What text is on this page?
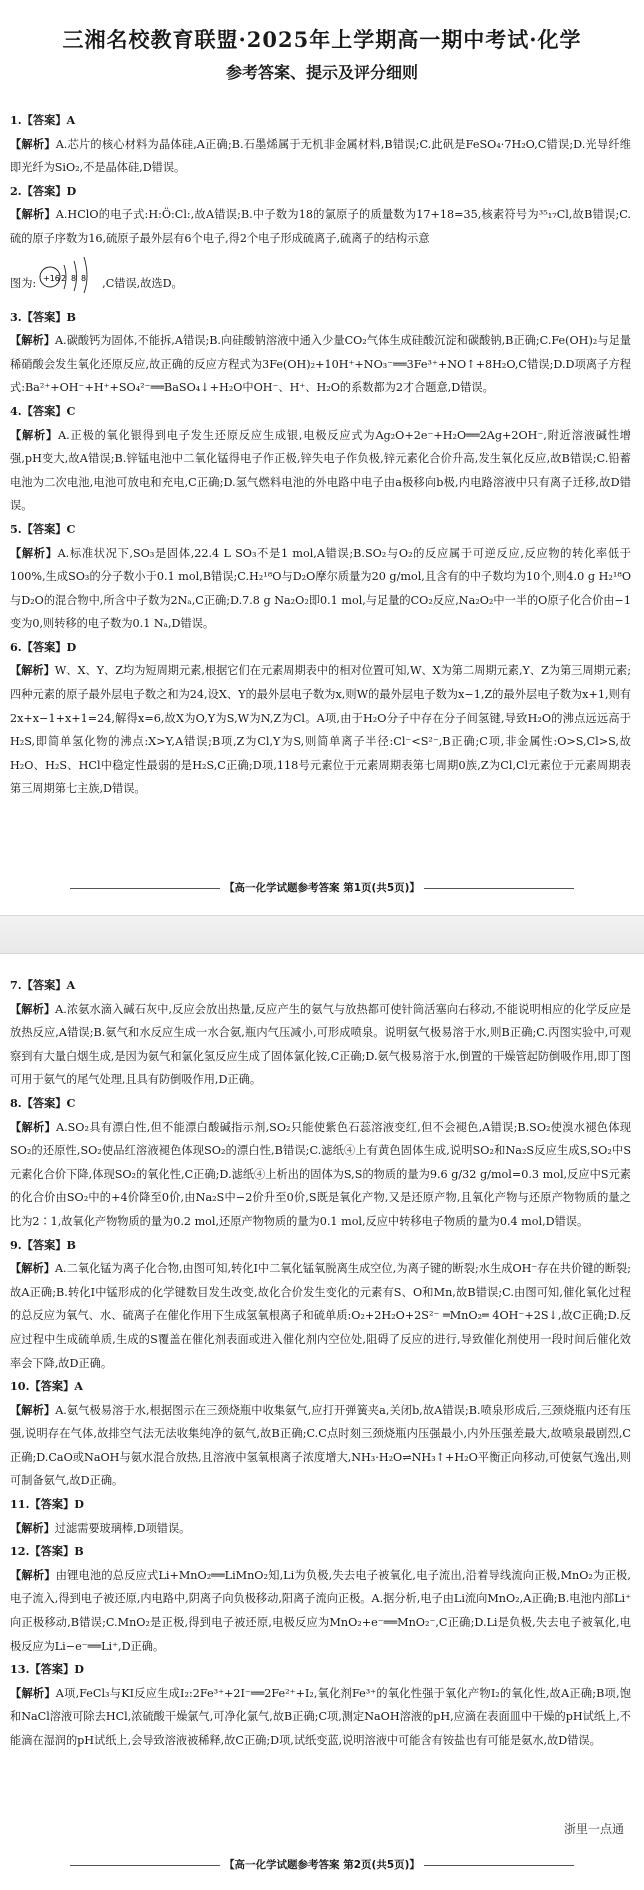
三湘名校教育联盟·2025年上学期高一期中考试·化学
参考答案、提示及评分细则
1.【答案】A
【解析】A.芯片的核心材料为晶体硅,A正确;B.石墨烯属于无机非金属材料,B错误;C.此矾是FeSO₄·7H₂O,C错误;D.光导纤维即光纤为SiO₂,不是晶体硅,D错误。
2.【答案】D
【解析】A.HClO的电子式:H:Ö:Cl:,故A错误;B.中子数为18的氯原子的质量数为17+18=35,核素符号为³⁵₁₇Cl,故B错误;C.硫的原子序数为16,硫原子最外层有6个电子,得2个电子形成硫离子,硫离子的结构示意
图为: +16 2 8 8 ,C错误,故选D。
3.【答案】B
【解析】A.碳酸钙为固体,不能拆,A错误;B.向硅酸钠溶液中通入少量CO₂气体生成硅酸沉淀和碳酸钠,B正确;C.Fe(OH)₂与足量稀硝酸会发生氧化还原反应,故正确的反应方程式为3Fe(OH)₂+10H⁺+NO₃⁻══3Fe³⁺+NO↑+8H₂O,C错误;D.D项离子方程式:Ba²⁺+OH⁻+H⁺+SO₄²⁻══BaSO₄↓+H₂O中OH⁻、H⁺、H₂O的系数都为2才合题意,D错误。
4.【答案】C
【解析】A.正极的氧化银得到电子发生还原反应生成银,电极反应式为Ag₂O+2e⁻+H₂O══2Ag+2OH⁻,附近溶液碱性增强,pH变大,故A错误;B.锌锰电池中二氧化锰得电子作正极,锌失电子作负极,锌元素化合价升高,发生氧化反应,故B错误;C.铅蓄电池为二次电池,电池可放电和充电,C正确;D.氢气燃料电池的外电路中电子由a极移向b极,内电路溶液中只有离子迁移,故D错误。
5.【答案】C
【解析】A.标准状况下,SO₃是固体,22.4 L SO₃不是1 mol,A错误;B.SO₂与O₂的反应属于可逆反应,反应物的转化率低于100%,生成SO₃的分子数小于0.1 mol,B错误;C.H₂¹⁸O与D₂O摩尔质量为20 g/mol,且含有的中子数均为10个,则4.0 g H₂¹⁸O与D₂O的混合物中,所含中子数为2Nₐ,C正确;D.7.8 g Na₂O₂即0.1 mol,与足量的CO₂反应,Na₂O₂中一半的O原子化合价由−1变为0,则转移的电子数为0.1 Nₐ,D错误。
6.【答案】D
【解析】W、X、Y、Z均为短周期元素,根据它们在元素周期表中的相对位置可知,W、X为第二周期元素,Y、Z为第三周期元素;四种元素的原子最外层电子数之和为24,设X、Y的最外层电子数为x,则W的最外层电子数为x−1,Z的最外层电子数为x+1,则有2x+x−1+x+1=24,解得x=6,故X为O,Y为S,W为N,Z为Cl。A项,由于H₂O分子中存在分子间氢键,导致H₂O的沸点远远高于H₂S,即简单氢化物的沸点:X>Y,A错误;B项,Z为Cl,Y为S,则简单离子半径:Cl⁻<S²⁻,B正确;C项,非金属性:O>S,Cl>S,故H₂O、H₂S、HCl中稳定性最弱的是H₂S,C正确;D项,118号元素位于元素周期表第七周期0族,Z为Cl,Cl元素位于元素周期表第三周期第七主族,D错误。
【高一化学试题参考答案 第1页(共5页)】
7.【答案】A
【解析】A.浓氨水滴入碱石灰中,反应会放出热量,反应产生的氨气与放热都可使针筒活塞向右移动,不能说明相应的化学反应是放热反应,A错误;B.氨气和水反应生成一水合氨,瓶内气压减小,可形成喷泉。说明氨气极易溶于水,则B正确;C.丙图实验中,可观察到有大量白烟生成,是因为氨气和氯化氢反应生成了固体氯化铵,C正确;D.氨气极易溶于水,倒置的干燥管起防倒吸作用,即丁图可用于氨气的尾气处理,且具有防倒吸作用,D正确。
8.【答案】C
【解析】A.SO₂具有漂白性,但不能漂白酸碱指示剂,SO₂只能使紫色石蕊溶液变红,但不会褪色,A错误;B.SO₂使溴水褪色体现SO₂的还原性,SO₂使品红溶液褪色体现SO₂的漂白性,B错误;C.滤纸④上有黄色固体生成,说明SO₂和Na₂S反应生成S,SO₂中S元素化合价下降,体现SO₂的氧化性,C正确;D.滤纸④上析出的固体为S,S的物质的量为9.6 g/32 g/mol=0.3 mol,反应中S元素的化合价由SO₂中的+4价降至0价,由Na₂S中−2价升至0价,S既是氧化产物,又是还原产物,且氧化产物与还原产物物质的量之比为2∶1,故氧化产物物质的量为0.2 mol,还原产物物质的量为0.1 mol,反应中转移电子物质的量为0.4 mol,D错误。
9.【答案】B
【解析】A.二氧化锰为离子化合物,由图可知,转化Ⅰ中二氧化锰氧脱离生成空位,为离子键的断裂;水生成OH⁻存在共价键的断裂;故A正确;B.转化Ⅰ中锰形成的化学键数目发生改变,故化合价发生变化的元素有S、O和Mn,故B错误;C.由图可知,催化氧化过程的总反应为氧气、水、硫离子在催化作用下生成氢氧根离子和硫单质:O₂+2H₂O+2S²⁻ ═MnO₂═ 4OH⁻+2S↓,故C正确;D.反应过程中生成硫单质,生成的S覆盖在催化剂表面或进入催化剂内空位处,阻碍了反应的进行,导致催化剂使用一段时间后催化效率会下降,故D正确。
10.【答案】A
【解析】A.氨气极易溶于水,根据图示在三颈烧瓶中收集氨气,应打开弹簧夹a,关闭b,故A错误;B.喷泉形成后,三颈烧瓶内还有压强,说明存在气体,故排空气法无法收集纯净的氨气,故B正确;C.C点时刻三颈烧瓶内压强最小,内外压强差最大,故喷泉最剧烈,C正确;D.CaO或NaOH与氨水混合放热,且溶液中氢氧根离子浓度增大,NH₃·H₂O⇌NH₃↑+H₂O平衡正向移动,可使氨气逸出,则可制备氨气,故D正确。
11.【答案】D
【解析】过滤需要玻璃棒,D项错误。
12.【答案】B
【解析】由锂电池的总反应式Li+MnO₂══LiMnO₂知,Li为负极,失去电子被氧化,电子流出,沿着导线流向正极,MnO₂为正极,电子流入,得到电子被还原,内电路中,阴离子向负极移动,阳离子流向正极。A.据分析,电子由Li流向MnO₂,A正确;B.电池内部Li⁺向正极移动,B错误;C.MnO₂是正极,得到电子被还原,电极反应为MnO₂+e⁻══MnO₂⁻,C正确;D.Li是负极,失去电子被氧化,电极反应为Li−e⁻══Li⁺,D正确。
13.【答案】D
【解析】A项,FeCl₃与KI反应生成I₂:2Fe³⁺+2I⁻══2Fe²⁺+I₂,氧化剂Fe³⁺的氧化性强于氧化产物I₂的氧化性,故A正确;B项,饱和NaCl溶液可除去HCl,浓硫酸干燥氯气,可净化氯气,故B正确;C项,测定NaOH溶液的pH,应滴在表面皿中干燥的pH试纸上,不能滴在湿润的pH试纸上,会导致溶液被稀释,故C正确;D项,试纸变蓝,说明溶液中可能含有铵盐也有可能是氨水,故D错误。
浙里一点通
【高一化学试题参考答案 第2页(共5页)】
